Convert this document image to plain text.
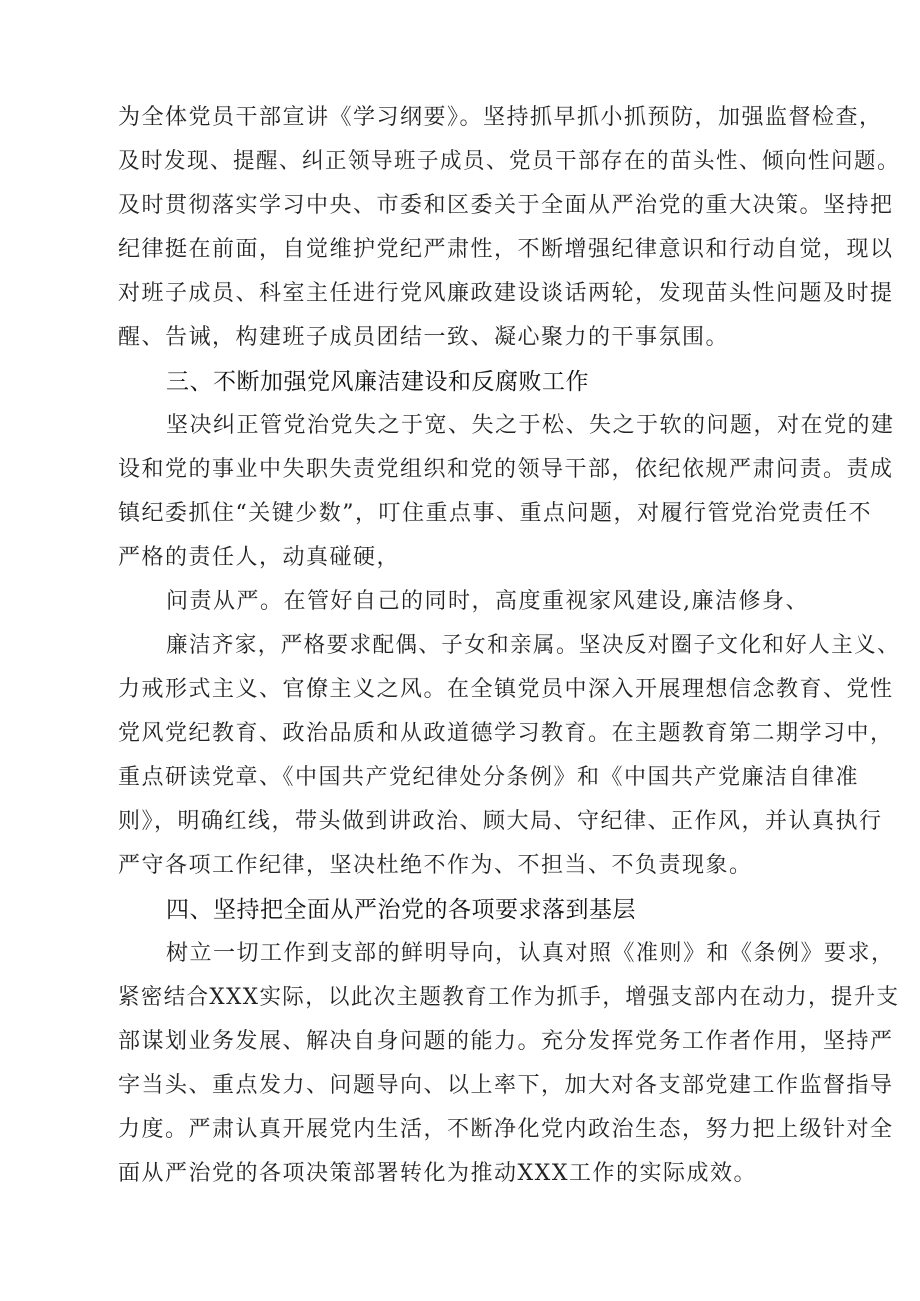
为全体党员干部宣讲《学习纲要》。坚持抓早抓小抓预防，加强监督检查，
及时发现、提醒、纠正领导班子成员、党员干部存在的苗头性、倾向性问题。
及时贯彻落实学习中央、市委和区委关于全面从严治党的重大决策。坚持把
纪律挺在前面，自觉维护党纪严肃性，不断增强纪律意识和行动自觉，现以
对班子成员、科室主任进行党风廉政建设谈话两轮，发现苗头性问题及时提
醒、告诫，构建班子成员团结一致、凝心聚力的干事氛围。
三、不断加强党风廉洁建设和反腐败工作
坚决纠正管党治党失之于宽、失之于松、失之于软的问题，对在党的建
设和党的事业中失职失责党组织和党的领导干部，依纪依规严肃问责。责成
镇纪委抓住“关键少数”，叮住重点事、重点问题，对履行管党治党责任不
严格的责任人，动真碰硬，
问责从严。在管好自己的同时，高度重视家风建设,廉洁修身、
廉洁齐家，严格要求配偶、子女和亲属。坚决反对圈子文化和好人主义、
力戒形式主义、官僚主义之风。在全镇党员中深入开展理想信念教育、党性
党风党纪教育、政治品质和从政道德学习教育。在主题教育第二期学习中，
重点研读党章、《中国共产党纪律处分条例》和《中国共产党廉洁自律准
则》，明确红线，带头做到讲政治、顾大局、守纪律、正作风，并认真执行
严守各项工作纪律，坚决杜绝不作为、不担当、不负责现象。
四、坚持把全面从严治党的各项要求落到基层
树立一切工作到支部的鲜明导向，认真对照《准则》和《条例》要求，
紧密结合XXX实际，以此次主题教育工作为抓手，增强支部内在动力，提升支
部谋划业务发展、解决自身问题的能力。充分发挥党务工作者作用，坚持严
字当头、重点发力、问题导向、以上率下，加大对各支部党建工作监督指导
力度。严肃认真开展党内生活，不断净化党内政治生态，努力把上级针对全
面从严治党的各项决策部署转化为推动XXX工作的实际成效。
